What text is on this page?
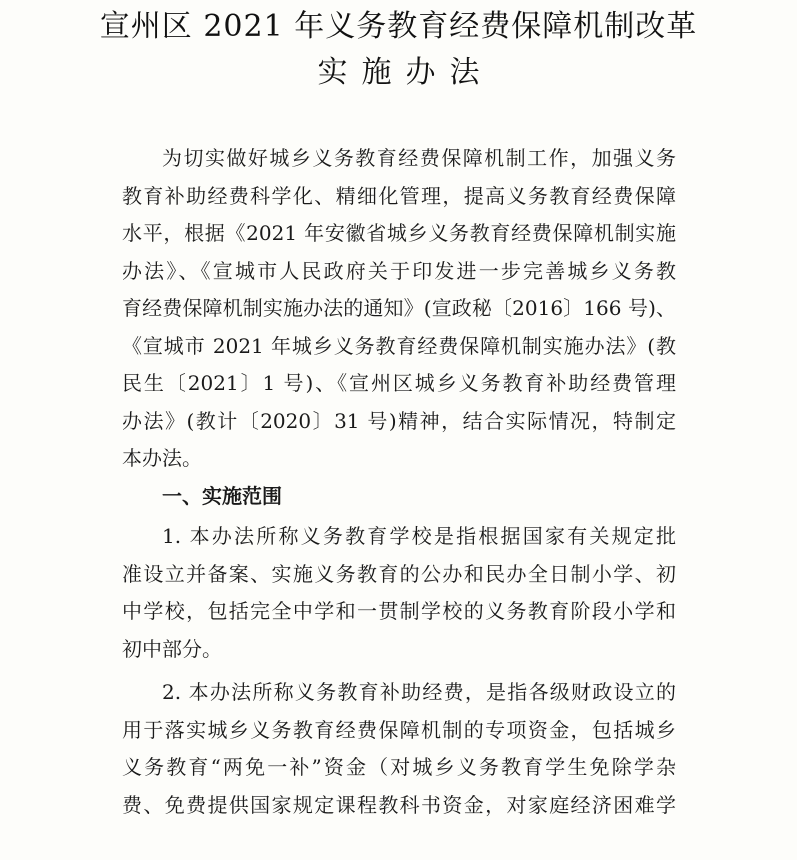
宣州区 2021 年义务教育经费保障机制改革
实施办法
为切实做好城乡义务教育经费保障机制工作，加强义务
教育补助经费科学化、精细化管理，提高义务教育经费保障
水平，根据《2021 年安徽省城乡义务教育经费保障机制实施
办法》、《宣城市人民政府关于印发进一步完善城乡义务教
育经费保障机制实施办法的通知》(宣政秘〔2016〕166 号)、
《宣城市 2021 年城乡义务教育经费保障机制实施办法》(教
民生〔2021〕1 号)、《宣州区城乡义务教育补助经费管理
办法》(教计〔2020〕31 号)精神，结合实际情况，特制定
本办法。
一、实施范围
1. 本办法所称义务教育学校是指根据国家有关规定批
准设立并备案、实施义务教育的公办和民办全日制小学、初
中学校，包括完全中学和一贯制学校的义务教育阶段小学和
初中部分。
2. 本办法所称义务教育补助经费，是指各级财政设立的
用于落实城乡义务教育经费保障机制的专项资金，包括城乡
义务教育“两免一补”资金（对城乡义务教育学生免除学杂
费、免费提供国家规定课程教科书资金，对家庭经济困难学
